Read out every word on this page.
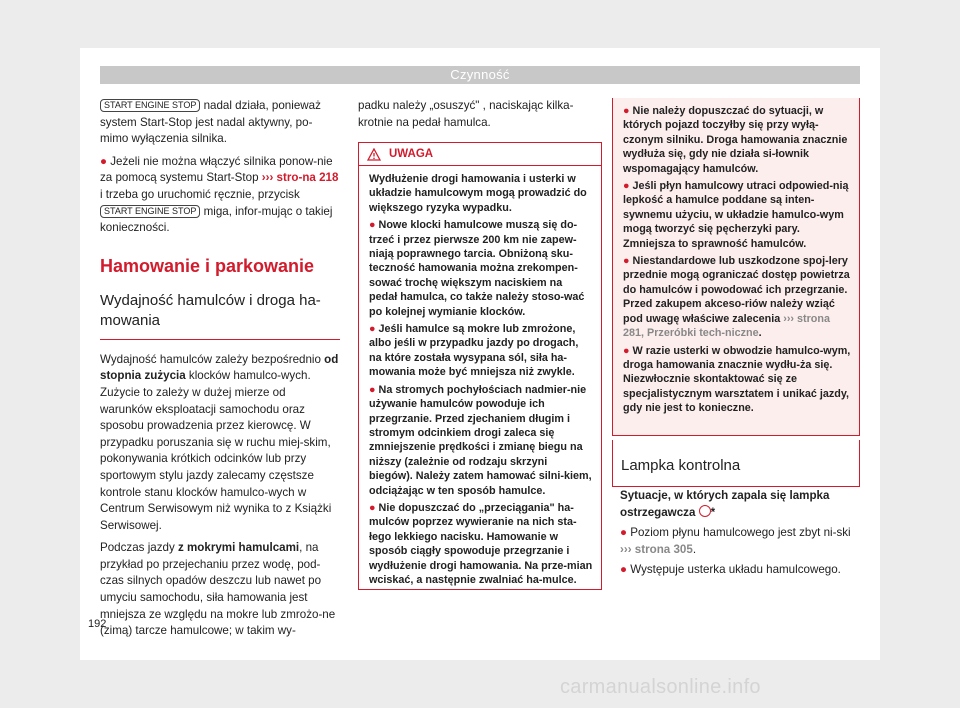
Czynność

START ENGINE STOP nadal działa, ponieważ system Start-Stop jest nadal aktywny, po-mimo wyłączenia silnika.

● Jeżeli nie można włączyć silnika ponow-nie za pomocą systemu Start-Stop ››› stro-na 218 i trzeba go uruchomić ręcznie, przycisk START ENGINE STOP miga, infor-mując o takiej konieczności.

Hamowanie i parkowanie
Wydajność hamulców i droga ha-mowania

Wydajność hamulców zależy bezpośrednio od stopnia zużycia klocków hamulco-wych. Zużycie to zależy w dużej mierze od warunków eksploatacji samochodu oraz sposobu prowadzenia przez kierowcę. W przypadku poruszania się w ruchu miej-skim, pokonywania krótkich odcinków lub przy sportowym stylu jazdy zalecamy częstsze kontrole stanu klocków hamulco-wych w Centrum Serwisowym niż wynika to z Książki Serwisowej.

Podczas jazdy z mokrymi hamulcami, na przykład po przejechaniu przez wodę, pod-czas silnych opadów deszczu lub nawet po umyciu samochodu, siła hamowania jest mniejsza ze względu na mokre lub zmrożo-ne (zimą) tarcze hamulcowe; w takim wy-

padku należy „osuszyć" , naciskając kilka-krotnie na pedał hamulca.

UWAGA

Wydłużenie drogi hamowania i usterki w układzie hamulcowym mogą prowadzić do większego ryzyka wypadku.

● Nowe klocki hamulcowe muszą się do-trzeć i przez pierwsze 200 km nie zapew-niają poprawnego tarcia. Obniżoną sku-teczność hamowania można zrekompen-sować trochę większym naciskiem na pedał hamulca, co także należy stoso-wać po kolejnej wymianie klocków.

● Jeśli hamulce są mokre lub zmrożone, albo jeśli w przypadku jazdy po drogach, na które została wysypana sól, siła ha-mowania może być mniejsza niż zwykle.

● Na stromych pochyłościach nadmier-nie używanie hamulców powoduje ich przegrzanie. Przed zjechaniem długim i stromym odcinkiem drogi zaleca się zmniejszenie prędkości i zmianę biegu na niższy (zależnie od rodzaju skrzyni biegów). Należy zatem hamować silni-kiem, odciążając w ten sposób hamulce.

● Nie dopuszczać do „przeciągania" ha-mulców poprzez wywieranie na nich sta-łego lekkiego nacisku. Hamowanie w sposób ciągły spowoduje przegrzanie i wydłużenie drogi hamowania. Na prze-mian wciskać, a następnie zwalniać ha-mulce.

● Nie należy dopuszczać do sytuacji, w których pojazd toczyłby się przy wyłą-czonym silniku. Droga hamowania znacznie wydłuża się, gdy nie działa si-łownik wspomagający hamulców.

● Jeśli płyn hamulcowy utraci odpowied-nią lepkość a hamulce poddane są inten-sywnemu użyciu, w układzie hamulco-wym mogą tworzyć się pęcherzyki pary. Zmniejsza to sprawność hamulców.

● Niestandardowe lub uszkodzone spoj-lery przednie mogą ograniczać dostęp powietrza do hamulców i powodować ich przegrzanie. Przed zakupem akceso-riów należy wziąć pod uwagę właściwe zalecenia ››› strona 281, Przeróbki tech-niczne.

● W razie usterki w obwodzie hamulco-wym, droga hamowania znacznie wydłu-ża się. Niezwłocznie skontaktować się ze specjalistycznym warsztatem i unikać jazdy, gdy nie jest to konieczne.

Lampka kontrolna

Sytuacje, w których zapala się lampka ostrzegawcza *

● Poziom płynu hamulcowego jest zbyt ni-ski ››› strona 305.

● Występuje usterka układu hamulcowego.

192
carmanualsonline.info
